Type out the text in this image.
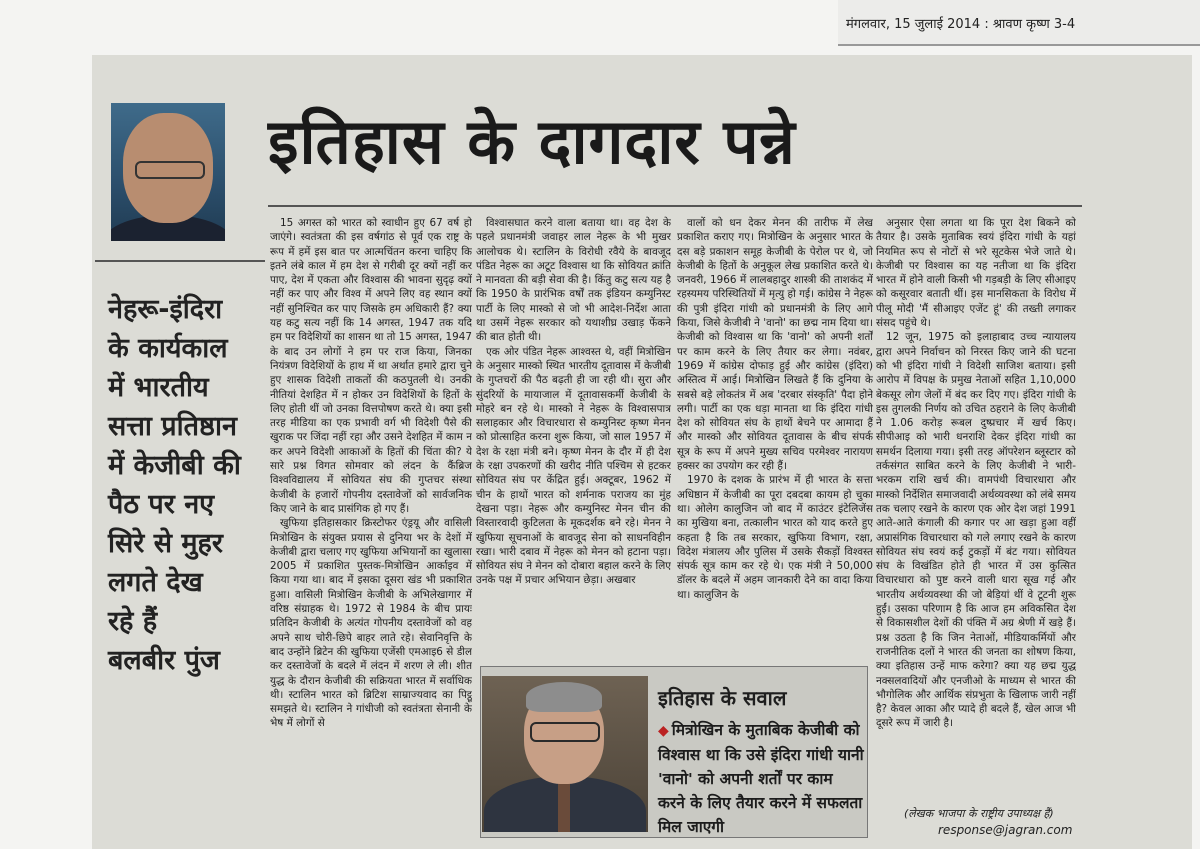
मंगलवार, 15 जुलाई 2014 : श्रावण कृष्ण 3-4
इतिहास के दागदार पन्ने
नेहरू-इंदिरा
के कार्यकाल
में भारतीय
सत्ता प्रतिष्ठान
में केजीबी की
पैठ पर नए
सिरे से मुहर
लगते देख
रहे हैं
बलबीर पुंज

15 अगस्त को भारत को स्वाधीन हुए 67 वर्ष हो जाएंगे। स्वतंत्रता की इस वर्षगांठ से पूर्व एक राष्ट्र के रूप में हमें इस बात पर आत्मचिंतन करना चाहिए कि इतने लंबे काल में हम देश से गरीबी दूर क्यों नहीं कर पाए, देश में एकता और विश्वास की भावना सुदृढ़ क्यों नहीं कर पाए और विश्व में अपने लिए वह स्थान क्यों नहीं सुनिश्चित कर पाए जिसके हम अधिकारी हैं? क्या यह कटु सत्य नहीं कि 14 अगस्त, 1947 तक यदि हम पर विदेशियों का शासन था तो 15 अगस्त, 1947 के बाद उन लोगों ने हम पर राज किया, जिनका नियंत्रण विदेशियों के हाथ में था अर्थात हमारे द्वारा चुने हुए शासक विदेशी ताकतों की कठपुतली थे। उनकी नीतियां देशहित में न होकर उन विदेशियों के हितों के लिए होती थीं जो उनका वित्तपोषण करते थे। क्या इसी तरह मीडिया का एक प्रभावी वर्ग भी विदेशी पैसे की खुराक पर जिंदा नहीं रहा और उसने देशहित में काम न कर अपने विदेशी आकाओं के हितों की चिंता की? ये सारे प्रश्न विगत सोमवार को लंदन के कैंब्रिज विश्वविद्यालय में सोवियत संघ की गुप्तचर संस्था केजीबी के हजारों गोपनीय दस्तावेजों को सार्वजनिक किए जाने के बाद प्रासंगिक हो गए हैं।

खुफिया इतिहासकार क्रिस्टोफर एंड्रयू और वासिली मित्रोखिन के संयुक्त प्रयास से दुनिया भर के देशों में केजीबी द्वारा चलाए गए खुफिया अभियानों का खुलासा 2005 में प्रकाशित पुस्तक-मित्रोखिन आर्काइव में किया गया था। बाद में इसका दूसरा खंड भी प्रकाशित हुआ। वासिली मित्रोखिन केजीबी के अभिलेखागार में वरिष्ठ संग्राहक थे। 1972 से 1984 के बीच प्रायः प्रतिदिन केजीबी के अत्यंत गोपनीय दस्तावेजों को वह अपने साथ चोरी-छिपे बाहर लाते रहे। सेवानिवृत्ति के बाद उन्होंने ब्रिटेन की खुफिया एजेंसी एमआइ6 से डील कर दस्तावेजों के बदले में लंदन में शरण ले ली। शीत युद्ध के दौरान केजीबी की सक्रियता भारत में सर्वाधिक थी। स्टालिन भारत को ब्रिटिश साम्राज्यवाद का पिट्ठू समझते थे। स्टालिन ने गांधीजी को स्वतंत्रता सेनानी के भेष में लोगों से

विश्वासघात करने वाला बताया था। वह देश के पहले प्रधानमंत्री जवाहर लाल नेहरू के भी मुखर आलोचक थे। स्टालिन के विरोधी रवैये के बावजूद पंडित नेहरू का अटूट विश्वास था कि सोवियत क्रांति ने मानवता की बड़ी सेवा की है। किंतु कटु सत्य यह है कि 1950 के प्रारंभिक वर्षों तक इंडियन कम्युनिस्ट पार्टी के लिए मास्को से जो भी आदेश-निर्देश आता था उसमें नेहरू सरकार को यथाशीघ्र उखाड़ फेंकने की बात होती थी।

एक ओर पंडित नेहरू आश्वस्त थे, वहीं मित्रोखिन के अनुसार मास्को स्थित भारतीय दूतावास में केजीबी के गुप्तचरों की पैठ बढ़ती ही जा रही थी। सुरा और सुंदरियों के मायाजाल में दूतावासकर्मी केजीबी के मोहरे बन रहे थे। मास्को ने नेहरू के विश्वासपात्र सलाहकार और विचारधारा से कम्युनिस्ट कृष्ण मेनन को प्रोत्साहित करना शुरू किया, जो साल 1957 में देश के रक्षा मंत्री बने। कृष्ण मेनन के दौर में ही देश के रक्षा उपकरणों की खरीद नीति पश्चिम से हटकर सोवियत संघ पर केंद्रित हुई। अक्टूबर, 1962 में चीन के हाथों भारत को शर्मनाक पराजय का मुंह देखना पड़ा। नेहरू और कम्युनिस्ट मेनन चीन की विस्तारवादी कुटिलता के मूकदर्शक बने रहे। मेनन ने खुफिया सूचनाओं के बावजूद सेना को साधनविहीन रखा। भारी दबाव में नेहरू को मेनन को हटाना पड़ा। सोवियत संघ ने मेनन को दोबारा बहाल करने के लिए उनके पक्ष में प्रचार अभियान छेड़ा। अखबार

वालों को धन देकर मेनन की तारीफ में लेख प्रकाशित कराए गए। मित्रोखिन के अनुसार भारत के दस बड़े प्रकाशन समूह केजीबी के पेरोल पर थे, जो केजीबी के हितों के अनुकूल लेख प्रकाशित करते थे। जनवरी, 1966 में लालबहादुर शास्त्री की ताशकंद में रहस्यमय परिस्थितियों में मृत्यु हो गई। कांग्रेस ने नेहरू की पुत्री इंदिरा गांधी को प्रधानमंत्री के लिए आगे किया, जिसे केजीबी ने 'वानो' का छद्म नाम दिया था। केजीबी को विश्वास था कि 'वानो' को अपनी शर्तों पर काम करने के लिए तैयार कर लेगा। नवंबर, 1969 में कांग्रेस दोफाड़ हुई और कांग्रेस (इंदिरा) अस्तित्व में आई। मित्रोखिन लिखते हैं कि दुनिया के सबसे बड़े लोकतंत्र में अब 'दरबार संस्कृति' पैदा होने लगी। पार्टी का एक धड़ा मानता था कि इंदिरा गांधी देश को सोवियत संघ के हाथों बेचने पर आमादा हैं और मास्को और सोवियत दूतावास के बीच संपर्क सूत्र के रूप में अपने मुख्य सचिव परमेश्वर नारायण हक्सर का उपयोग कर रही हैं।

1970 के दशक के प्रारंभ में ही भारत के सत्ता अधिष्ठान में केजीबी का पूरा दबदबा कायम हो चुका था। ओलेग कालुजिन जो बाद में काउंटर इंटेलिजेंस का मुखिया बना, तत्कालीन भारत को याद करते हुए कहता है कि तब सरकार, खुफिया विभाग, रक्षा, विदेश मंत्रालय और पुलिस में उसके सैकड़ों विश्वस्त संपर्क सूत्र काम कर रहे थे। एक मंत्री ने 50,000 डॉलर के बदले में अहम जानकारी देने का वादा किया था। कालुजिन के

अनुसार ऐसा लगता था कि पूरा देश बिकने को तैयार है। उसके मुताबिक स्वयं इंदिरा गांधी के यहां नियमित रूप से नोटों से भरे सूटकेस भेजे जाते थे। केजीबी पर विश्वास का यह नतीजा था कि इंदिरा भारत में होने वाली किसी भी गड़बड़ी के लिए सीआइए को कसूरवार बताती थीं। इस मानसिकता के विरोध में पीलू मोदी 'मैं सीआइए एजेंट हूं' की तख्ती लगाकर संसद पहुंचे थे।

12 जून, 1975 को इलाहाबाद उच्च न्यायालय द्वारा अपने निर्वाचन को निरस्त किए जाने की घटना को भी इंदिरा गांधी ने विदेशी साजिश बताया। इसी आरोप में विपक्ष के प्रमुख नेताओं सहित 1,10,000 बेकसूर लोग जेलों में बंद कर दिए गए। इंदिरा गांधी के इस तुगलकी निर्णय को उचित ठहराने के लिए केजीबी ने 1.06 करोड़ रूबल दुष्प्रचार में खर्च किए। सीपीआइ को भारी धनराशि देकर इंदिरा गांधी का समर्थन दिलाया गया। इसी तरह ऑपरेशन ब्लूस्टार को तर्कसंगत साबित करने के लिए केजीबी ने भारी-भरकम राशि खर्च की। वामपंथी विचारधारा और मास्को निर्देशित समाजवादी अर्थव्यवस्था को लंबे समय तक चलाए रखने के कारण एक ओर देश जहां 1991 आते-आते कंगाली की कगार पर आ खड़ा हुआ वहीं अप्रासंगिक विचारधारा को गले लगाए रखने के कारण सोवियत संघ स्वयं कई टुकड़ों में बंट गया। सोवियत संघ के विखंडित होते ही भारत में उस कुत्सित विचारधारा को पुष्ट करने वाली धारा सूख गई और भारतीय अर्थव्यवस्था की जो बेड़ियां थीं वे टूटनी शुरू हुईं। उसका परिणाम है कि आज हम अविकसित देश से विकासशील देशों की पंक्ति में अग्र श्रेणी में खड़े हैं। प्रश्न उठता है कि जिन नेताओं, मीडियाकर्मियों और राजनीतिक दलों ने भारत की जनता का शोषण किया, क्या इतिहास उन्हें माफ करेगा? क्या यह छद्म युद्ध नक्सलवादियों और एनजीओ के माध्यम से भारत की भौगोलिक और आर्थिक संप्रभुता के खिलाफ जारी नहीं है? केवल आका और प्यादे ही बदले हैं, खेल आज भी दूसरे रूप में जारी है।

इतिहास के सवाल
◆ मित्रोखिन के मुताबिक केजीबी को विश्वास था कि उसे इंदिरा गांधी यानी 'वानो' को अपनी शर्तों पर काम करने के लिए तैयार करने में सफलता मिल जाएगी
(लेखक भाजपा के राष्ट्रीय उपाध्यक्ष हैं)
response@jagran.com
